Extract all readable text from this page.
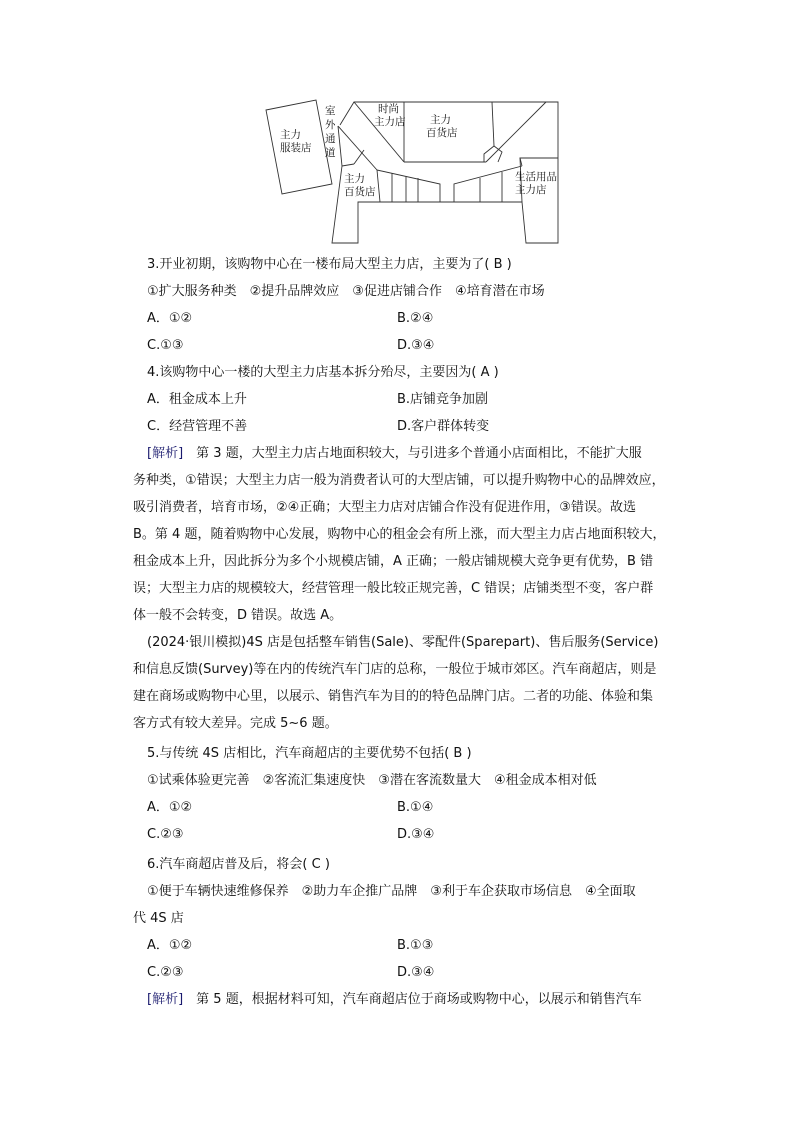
室
外
通
道
时尚
主力店 主力
百货店
主力
服装店
主力
百货店
生活用品
主力店
3.开业初期，该购物中心在一楼布局大型主力店，主要为了( B )
①扩大服务种类　②提升品牌效应　③促进店铺合作　④培育潜在市场
A．①②	B.②④
C.①③	D.③④
4.该购物中心一楼的大型主力店基本拆分殆尽，主要因为( A )
A．租金成本上升	B.店铺竞争加剧
C．经营管理不善	D.客户群体转变
[解析]　第 3 题，大型主力店占地面积较大，与引进多个普通小店面相比，不能扩大服
务种类，①错误；大型主力店一般为消费者认可的大型店铺，可以提升购物中心的品牌效应，
吸引消费者，培育市场，②④正确；大型主力店对店铺合作没有促进作用，③错误。故选
B。第 4 题，随着购物中心发展，购物中心的租金会有所上涨，而大型主力店占地面积较大，
租金成本上升，因此拆分为多个小规模店铺，A 正确；一般店铺规模大竞争更有优势，B 错
误；大型主力店的规模较大，经营管理一般比较正规完善，C 错误；店铺类型不变，客户群
体一般不会转变，D 错误。故选 A。
(2024·银川模拟)4S 店是包括整车销售(Sale)、零配件(Sparepart)、售后服务(Service)
和信息反馈(Survey)等在内的传统汽车门店的总称，一般位于城市郊区。汽车商超店，则是
建在商场或购物中心里，以展示、销售汽车为目的的特色品牌门店。二者的功能、体验和集
客方式有较大差异。完成 5~6 题。
5.与传统 4S 店相比，汽车商超店的主要优势不包括( B )
①试乘体验更完善　②客流汇集速度快　③潜在客流数量大　④租金成本相对低
A．①②	B.①④
C.②③	D.③④
6.汽车商超店普及后，将会( C )
①便于车辆快速维修保养　②助力车企推广品牌　③利于车企获取市场信息　④全面取
代 4S 店
A．①②	B.①③
C.②③	D.③④
[解析]　第 5 题，根据材料可知，汽车商超店位于商场或购物中心，以展示和销售汽车
